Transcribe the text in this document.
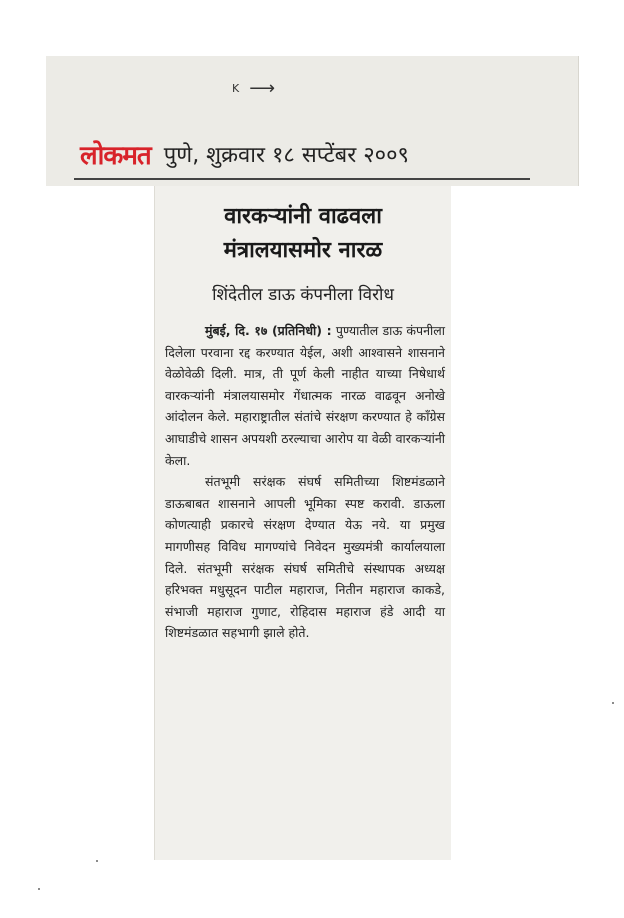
K ⟶
लोकमत पुणे, शुक्रवार १८ सप्टेंबर २००९
वारकऱ्यांनी वाढवला
मंत्रालयासमोर नारळ
शिंदेतील डाऊ कंपनीला विरोध

मुंबई, दि. १७ (प्रतिनिधी) : पुण्यातील डाऊ कंपनीला दिलेला परवाना रद्द करण्यात येईल, अशी आश्वासने शासनाने वेळोवेळी दिली. मात्र, ती पूर्ण केली नाहीत याच्या निषेधार्थ वारकऱ्यांनी मंत्रालयासमोर गेंधात्मक नारळ वाढवून अनोखे आंदोलन केले. महाराष्ट्रातील संतांचे संरक्षण करण्यात हे काँग्रेस आघाडीचे शासन अपयशी ठरल्याचा आरोप या वेळी वारकऱ्यांनी केला.

संतभूमी सरंक्षक संघर्ष समितीच्या शिष्टमंडळाने डाऊबाबत शासनाने आपली भूमिका स्पष्ट करावी. डाऊला कोणत्याही प्रकारचे संरक्षण देण्यात येऊ नये. या प्रमुख मागणीसह विविध मागण्यांचे निवेदन मुख्यमंत्री कार्यालयाला दिले. संतभूमी सरंक्षक संघर्ष समितीचे संस्थापक अध्यक्ष हरिभक्त मधुसूदन पाटील महाराज, नितीन महाराज काकडे, संभाजी महाराज गुणाट, रोहिदास महाराज हंडे आदी या शिष्टमंडळात सहभागी झाले होते.
